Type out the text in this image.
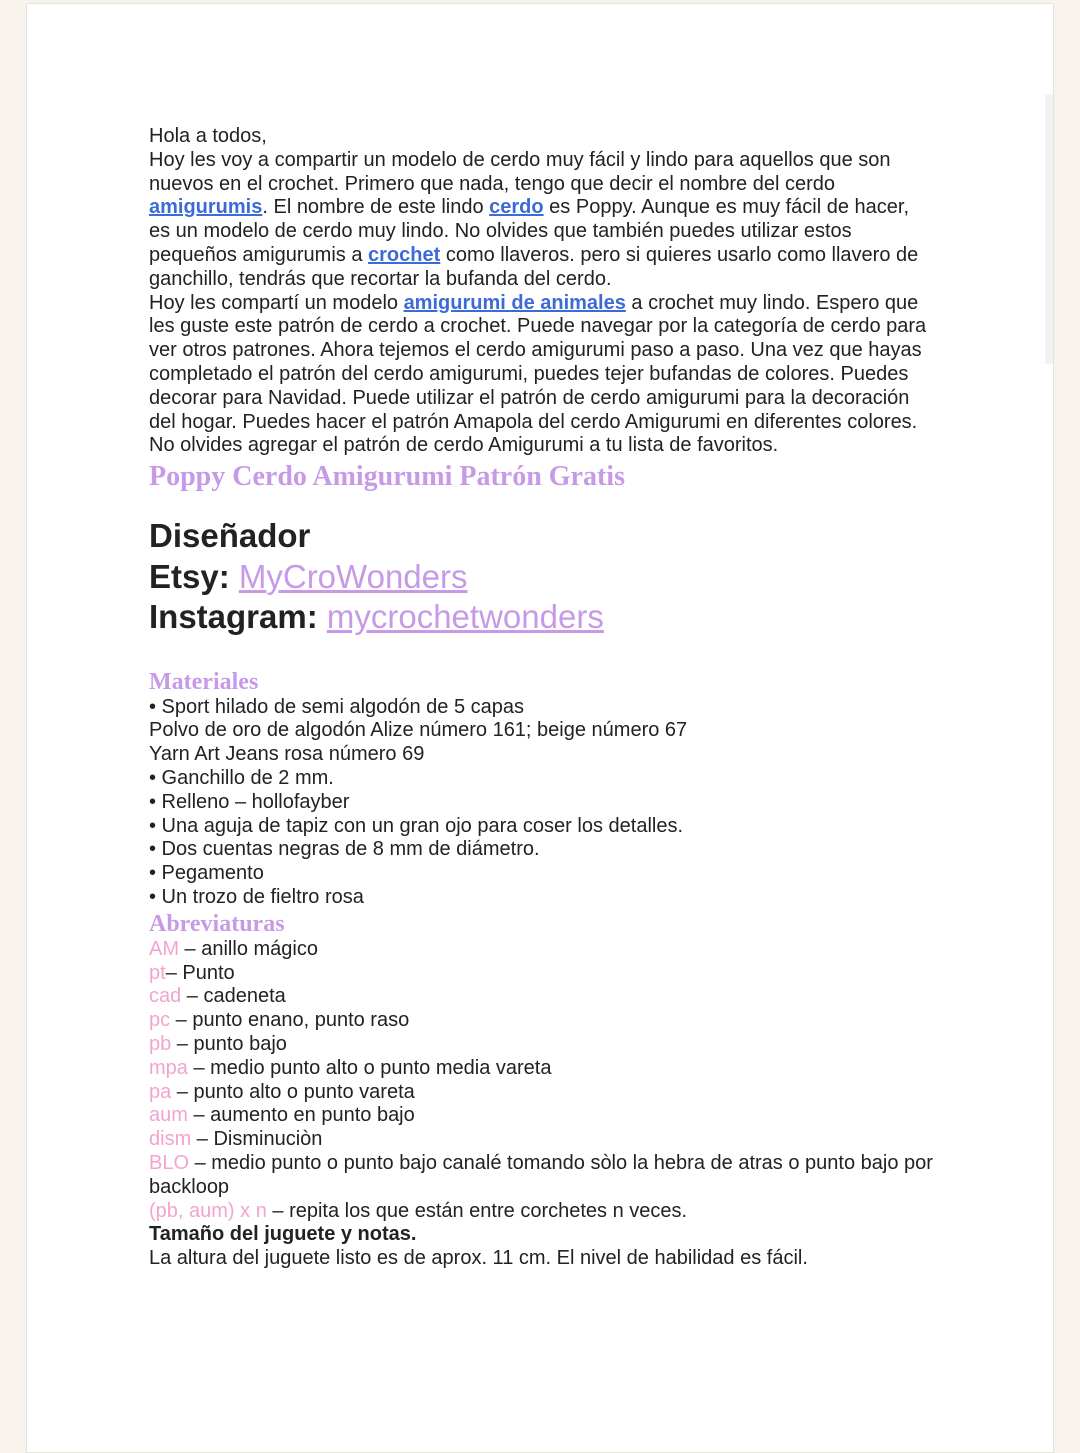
Hola a todos,

Hoy les voy a compartir un modelo de cerdo muy fácil y lindo para aquellos que son nuevos en el crochet. Primero que nada, tengo que decir el nombre del cerdo amigurumis. El nombre de este lindo cerdo es Poppy. Aunque es muy fácil de hacer, es un modelo de cerdo muy lindo. No olvides que también puedes utilizar estos pequeños amigurumis a crochet como llaveros. pero si quieres usarlo como llavero de ganchillo, tendrás que recortar la bufanda del cerdo.

Hoy les compartí un modelo amigurumi de animales a crochet muy lindo. Espero que les guste este patrón de cerdo a crochet. Puede navegar por la categoría de cerdo para ver otros patrones. Ahora tejemos el cerdo amigurumi paso a paso. Una vez que hayas completado el patrón del cerdo amigurumi, puedes tejer bufandas de colores. Puedes decorar para Navidad. Puede utilizar el patrón de cerdo amigurumi para la decoración del hogar. Puedes hacer el patrón Amapola del cerdo Amigurumi en diferentes colores. No olvides agregar el patrón de cerdo Amigurumi a tu lista de favoritos.

Poppy Cerdo Amigurumi Patrón Gratis
Diseñador
Etsy: MyCroWonders
Instagram: mycrochetwonders
Materiales

• Sport hilado de semi algodón de 5 capas

Polvo de oro de algodón Alize número 161; beige número 67

Yarn Art Jeans rosa número 69

• Ganchillo de 2 mm.

• Relleno – hollofayber

• Una aguja de tapiz con un gran ojo para coser los detalles.

• Dos cuentas negras de 8 mm de diámetro.

• Pegamento

• Un trozo de fieltro rosa

Abreviaturas

AM – anillo mágico

pt– Punto

cad – cadeneta

pc – punto enano, punto raso

pb – punto bajo

mpa – medio punto alto o punto media vareta

pa – punto alto o punto vareta

aum – aumento en punto bajo

dism – Disminuciòn

BLO – medio punto o punto bajo canalé tomando sòlo la hebra de atras o punto bajo por backloop

(pb, aum) x n – repita los que están entre corchetes n veces.

Tamaño del juguete y notas.

La altura del juguete listo es de aprox. 11 cm. El nivel de habilidad es fácil.
